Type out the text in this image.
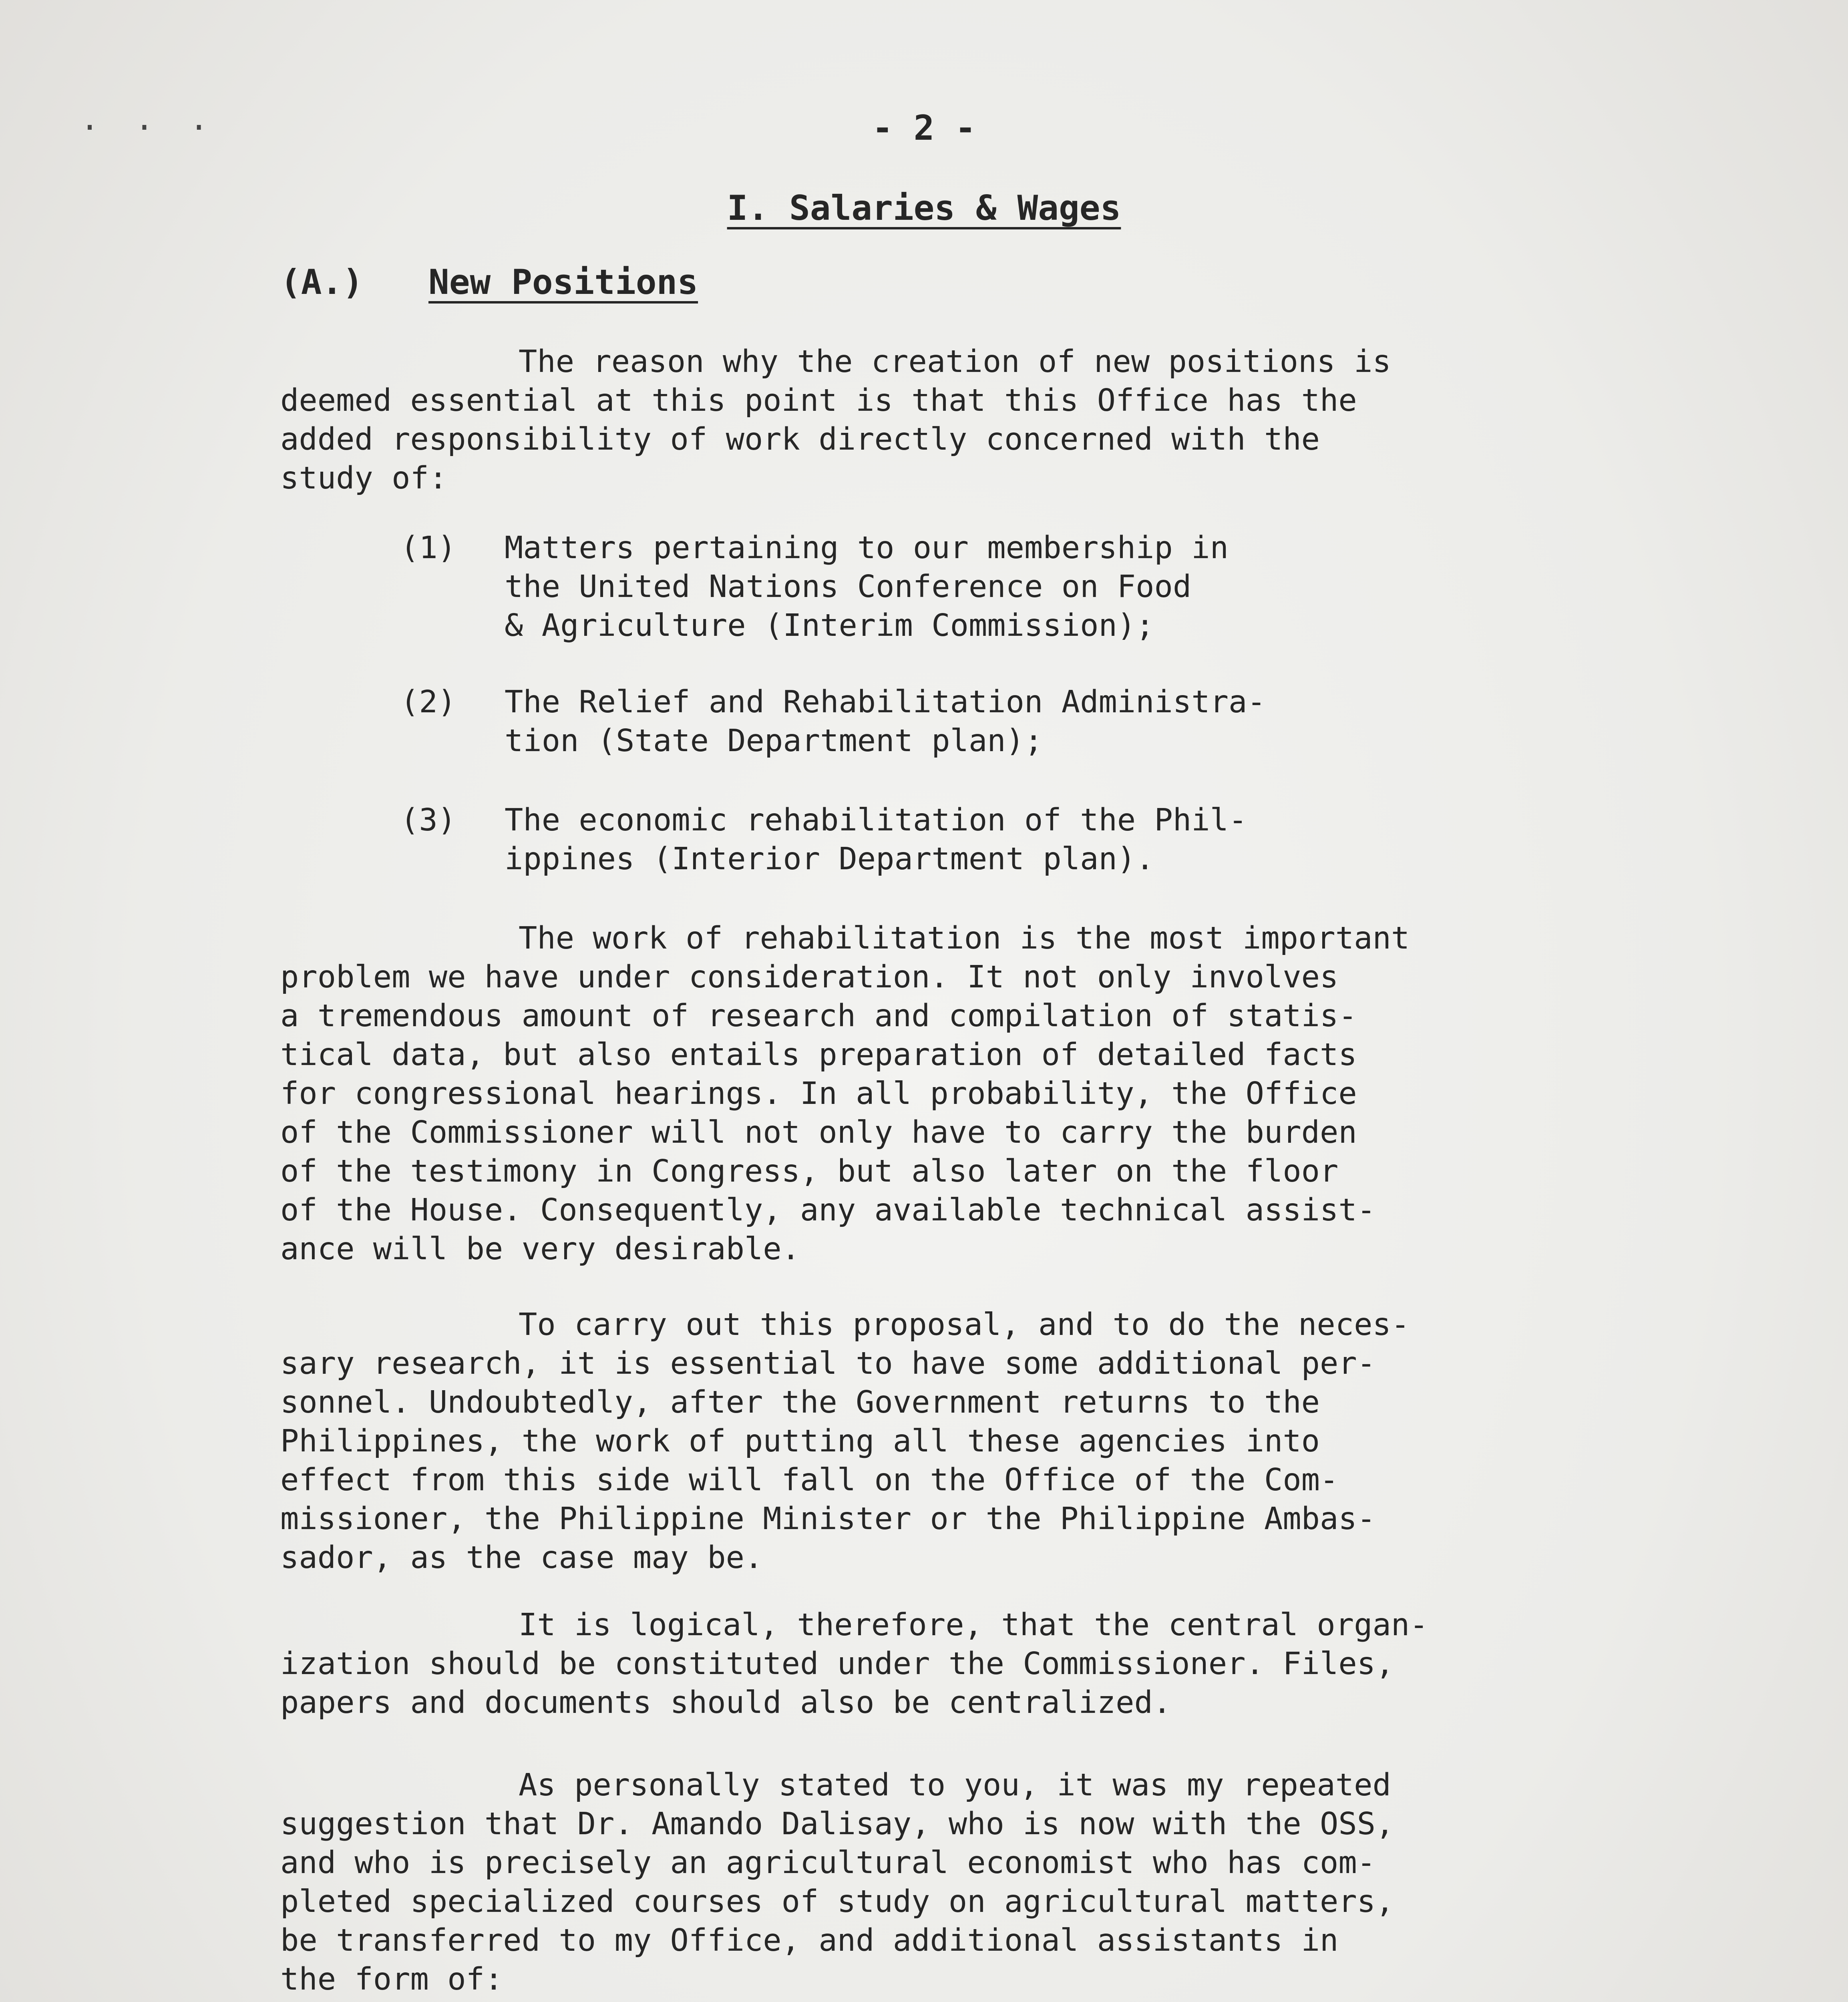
. . .	- 2 -
I. Salaries & Wages
(A.) New Positions

The reason why the creation of new positions is
deemed essential at this point is that this Office has the
added responsibility of work directly concerned with the
study of:

(1)	Matters pertaining to our membership in
the United Nations Conference on Food
& Agriculture (Interim Commission);
(2)	The Relief and Rehabilitation Administra-
tion (State Department plan);
(3)	The economic rehabilitation of the Phil-
ippines (Interior Department plan).

The work of rehabilitation is the most important
problem we have under consideration. It not only involves
a tremendous amount of research and compilation of statis-
tical data, but also entails preparation of detailed facts
for congressional hearings. In all probability, the Office
of the Commissioner will not only have to carry the burden
of the testimony in Congress, but also later on the floor
of the House. Consequently, any available technical assist-
ance will be very desirable.

To carry out this proposal, and to do the neces-
sary research, it is essential to have some additional per-
sonnel. Undoubtedly, after the Government returns to the
Philippines, the work of putting all these agencies into
effect from this side will fall on the Office of the Com-
missioner, the Philippine Minister or the Philippine Ambas-
sador, as the case may be.

It is logical, therefore, that the central organ-
ization should be constituted under the Commissioner. Files,
papers and documents should also be centralized.

As personally stated to you, it was my repeated
suggestion that Dr. Amando Dalisay, who is now with the OSS,
and who is precisely an agricultural economist who has com-
pleted specialized courses of study on agricultural matters,
be transferred to my Office, and additional assistants in
the form of:
